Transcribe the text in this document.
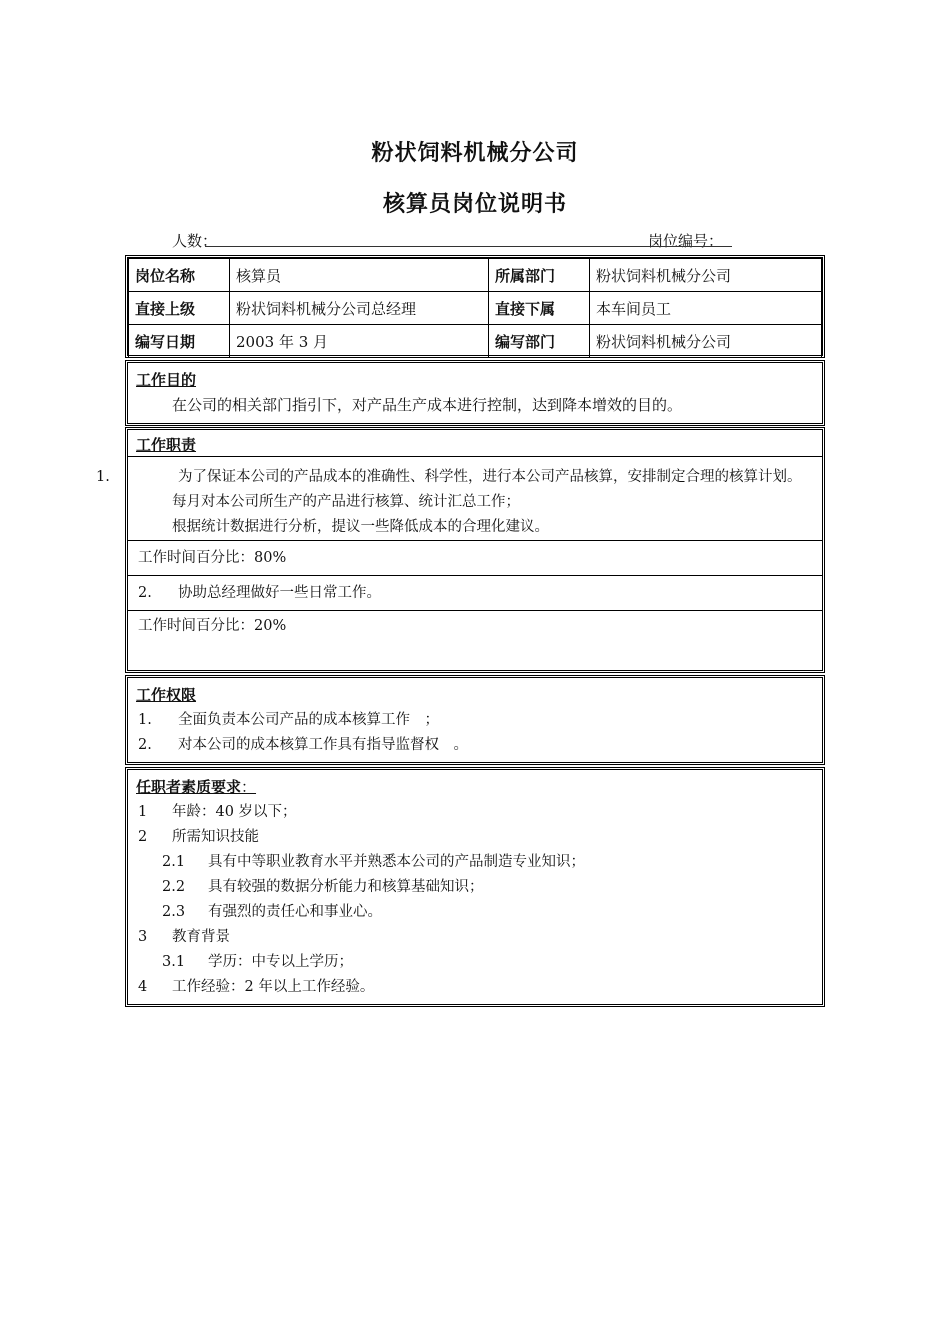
粉状饲料机械分公司
核算员岗位说明书
人数：	岗位编号：
岗位名称	核算员	所属部门	粉状饲料机械分公司
直接上级	粉状饲料机械分公司总经理	直接下属	本车间员工
编写日期	2003 年 3 月	编写部门	粉状饲料机械分公司
工作目的
在公司的相关部门指引下，对产品生产成本进行控制，达到降本增效的目的。
工作职责
1.	为了保证本公司的产品成本的准确性、科学性，进行本公司产品核算，安排制定合理的核算计划。
每月对本公司所生产的产品进行核算、统计汇总工作；
根据统计数据进行分析，提议一些降低成本的合理化建议。
工作时间百分比：80%
2. 协助总经理做好一些日常工作。
工作时间百分比：20%
工作权限
1. 全面负责本公司产品的成本核算工作　；
2. 对本公司的成本核算工作具有指导监督权　。
任职者素质要求：
1 年龄：40 岁以下；
2 所需知识技能
2.1 具有中等职业教育水平并熟悉本公司的产品制造专业知识；
2.2 具有较强的数据分析能力和核算基础知识；
2.3 有强烈的责任心和事业心。
3 教育背景
3.1 学历：中专以上学历；
4 工作经验：2 年以上工作经验。
